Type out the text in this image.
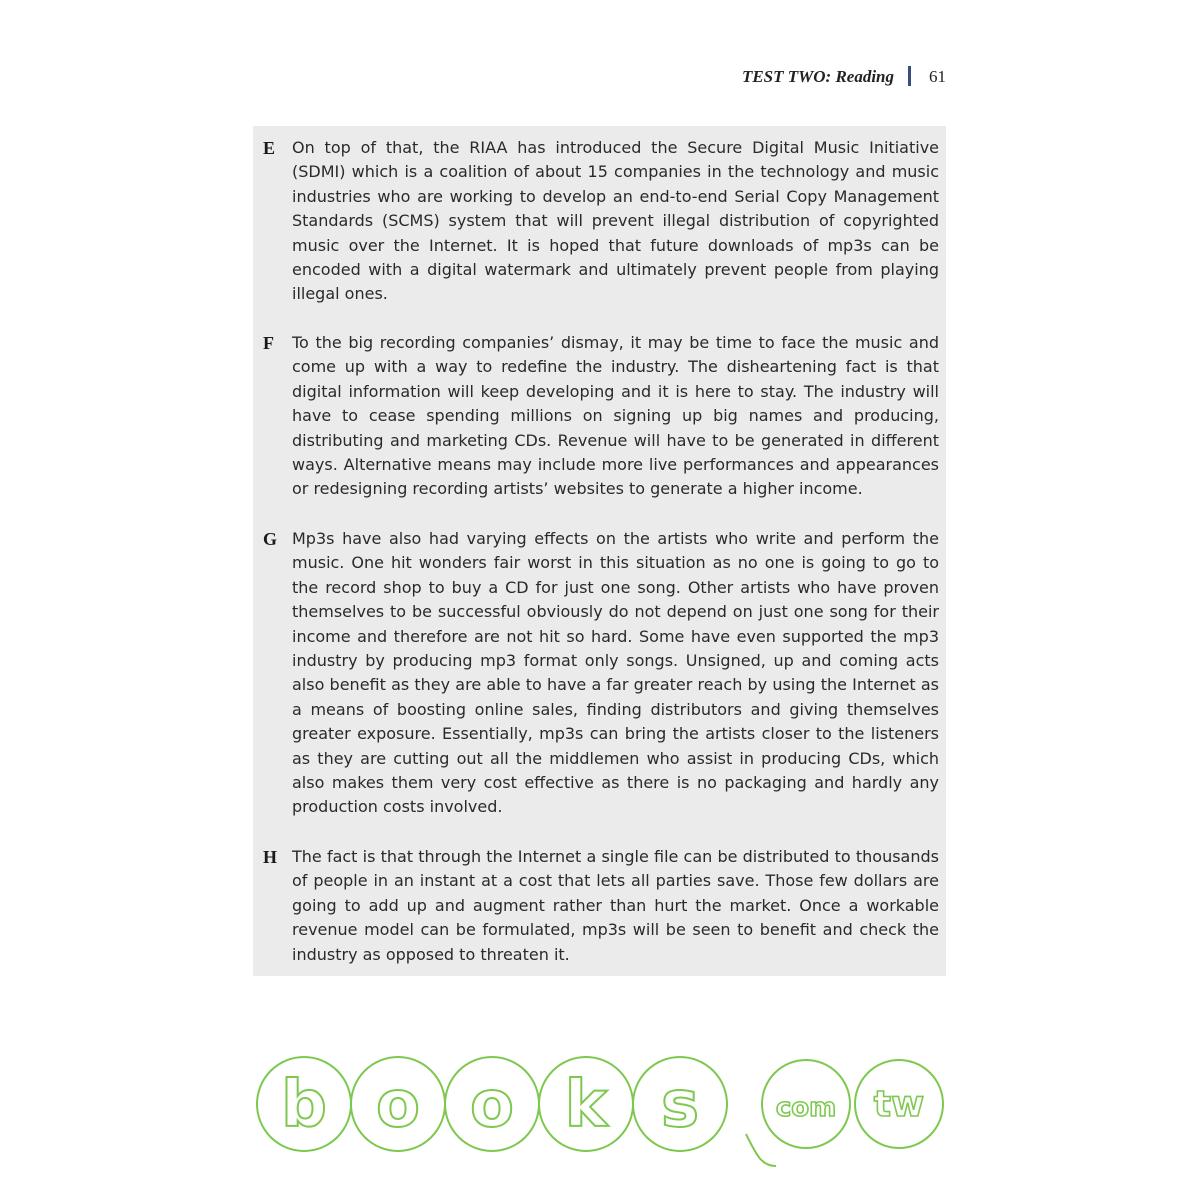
TEST TWO: Reading 61
E On top of that, the RIAA has introduced the Secure Digital Music Initiative (SDMI) which is a coalition of about 15 companies in the technology and music industries who are working to develop an end-to-end Serial Copy Management Standards (SCMS) system that will prevent illegal distribution of copyrighted music over the Internet. It is hoped that future downloads of mp3s can be encoded with a digital watermark and ultimately prevent people from playing illegal ones.
F To the big recording companies’ dismay, it may be time to face the music and come up with a way to redefine the industry. The disheartening fact is that digital information will keep developing and it is here to stay. The industry will have to cease spending millions on signing up big names and producing, distributing and marketing CDs. Revenue will have to be generated in different ways. Alternative means may include more live performances and appearances or redesigning recording artists’ websites to generate a higher income.
G Mp3s have also had varying effects on the artists who write and perform the music. One hit wonders fair worst in this situation as no one is going to go to the record shop to buy a CD for just one song. Other artists who have proven themselves to be successful obviously do not depend on just one song for their income and therefore are not hit so hard. Some have even supported the mp3 industry by producing mp3 format only songs. Unsigned, up and coming acts also benefit as they are able to have a far greater reach by using the Internet as a means of boosting online sales, finding distributors and giving themselves greater exposure. Essentially, mp3s can bring the artists closer to the listeners as they are cutting out all the middlemen who assist in producing CDs, which also makes them very cost effective as there is no packaging and hardly any production costs involved.
H The fact is that through the Internet a single file can be distributed to thousands of people in an instant at a cost that lets all parties save. Those few dollars are going to add up and augment rather than hurt the market. Once a workable revenue model can be formulated, mp3s will be seen to benefit and check the industry as opposed to threaten it.
b o o k s	com tw
